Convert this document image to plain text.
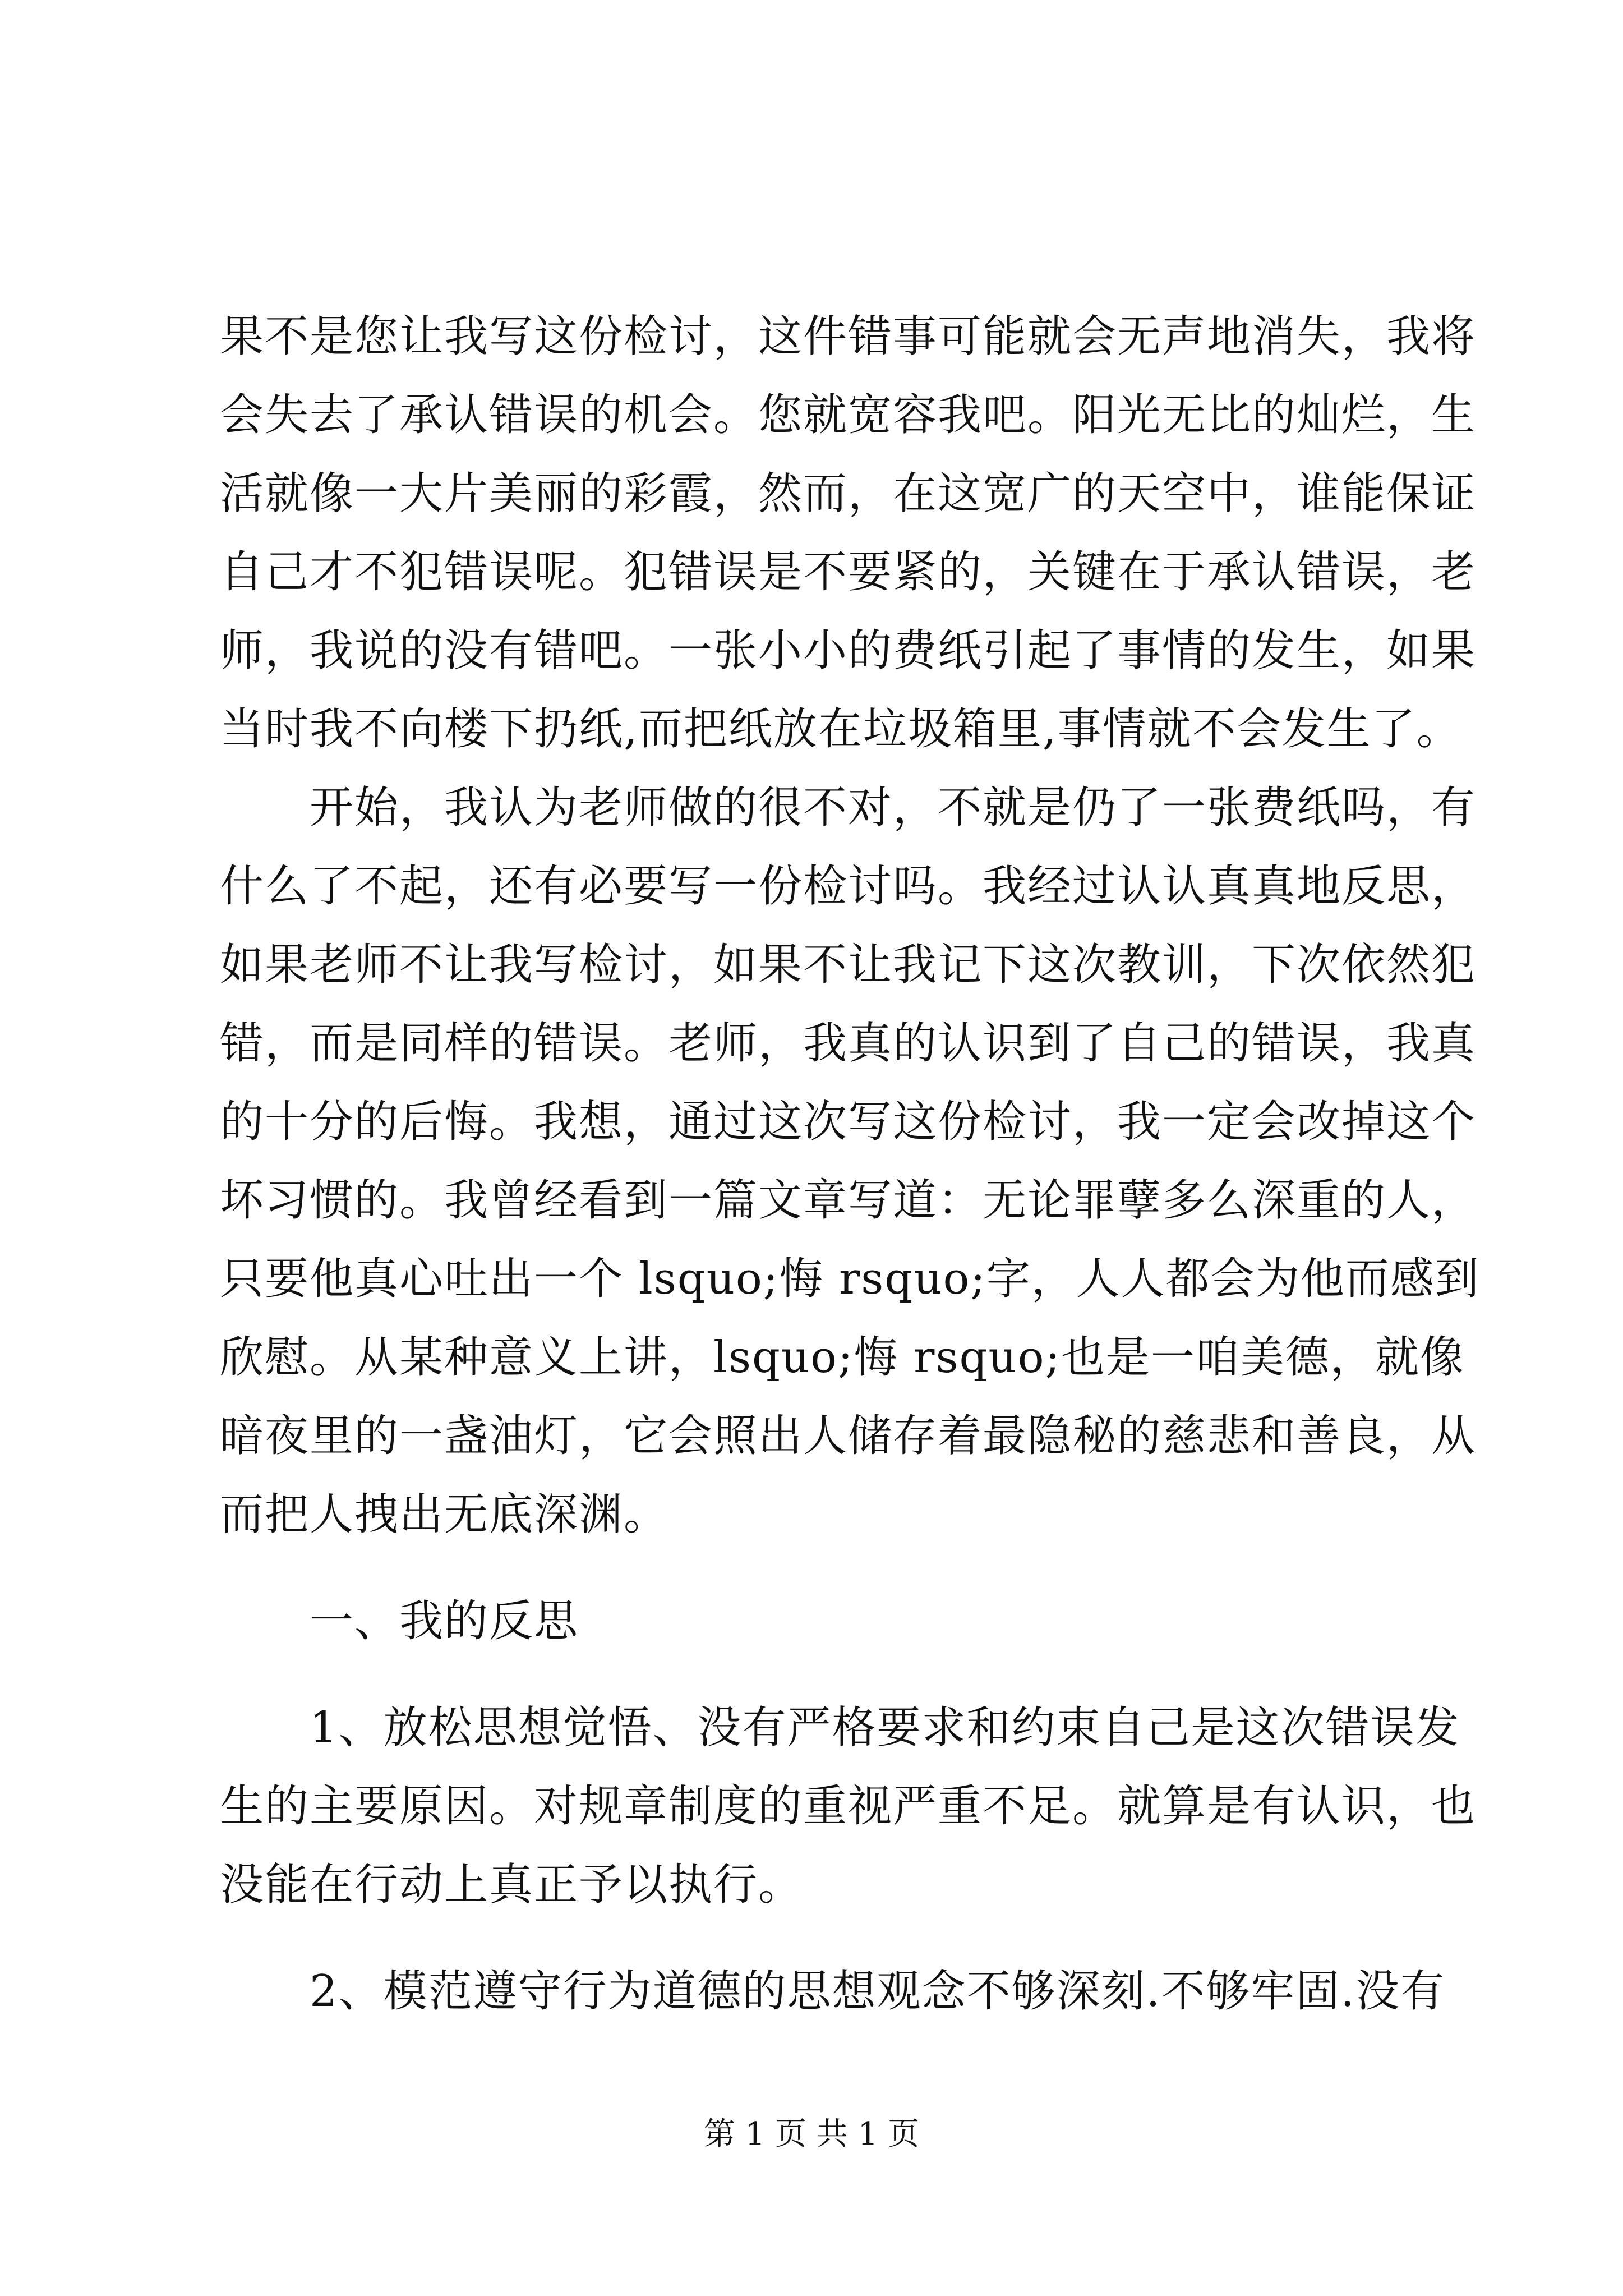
果不是您让我写这份检讨，这件错事可能就会无声地消失，我将
会失去了承认错误的机会。您就宽容我吧。阳光无比的灿烂，生
活就像一大片美丽的彩霞，然而，在这宽广的天空中，谁能保证
自己才不犯错误呢。犯错误是不要紧的，关键在于承认错误，老
师，我说的没有错吧。一张小小的费纸引起了事情的发生，如果
当时我不向楼下扔纸,而把纸放在垃圾箱里,事情就不会发生了。
　　开始，我认为老师做的很不对，不就是仍了一张费纸吗，有
什么了不起，还有必要写一份检讨吗。我经过认认真真地反思，
如果老师不让我写检讨，如果不让我记下这次教训，下次依然犯
错，而是同样的错误。老师，我真的认识到了自己的错误，我真
的十分的后悔。我想，通过这次写这份检讨，我一定会改掉这个
坏习惯的。我曾经看到一篇文章写道：无论罪孽多么深重的人，
只要他真心吐出一个 lsquo;悔 rsquo;字，人人都会为他而感到
欣慰。从某种意义上讲，lsquo;悔 rsquo;也是一咱美德，就像
暗夜里的一盏油灯，它会照出人储存着最隐秘的慈悲和善良，从
而把人拽出无底深渊。
　　一、我的反思
　　1、放松思想觉悟、没有严格要求和约束自己是这次错误发
生的主要原因。对规章制度的重视严重不足。就算是有认识，也
没能在行动上真正予以执行。
　　2、模范遵守行为道德的思想观念不够深刻.不够牢固.没有
第 1 页 共 1 页
